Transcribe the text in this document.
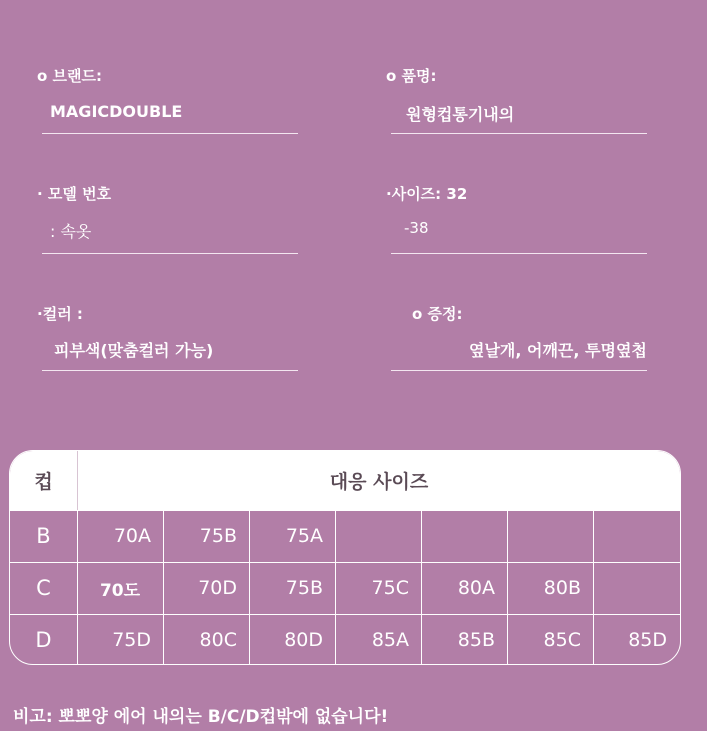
o 브랜드:
MAGICDOUBLE
o 품명:
원형컵통기내의
· 모델 번호
: 속옷
·사이즈: 32
-38
·컬러 :
피부색(맞춤컬러 가능)
o 증정:
옆날개, 어깨끈, 투명옆첩
컵	대응 사이즈
B	70A	75B	75A
C	70도	70D	75B	75C	80A	80B
D	75D	80C	80D	85A	85B	85C	85D
비고: 뽀뽀양 에어 내의는 B/C/D컵밖에 없습니다!
